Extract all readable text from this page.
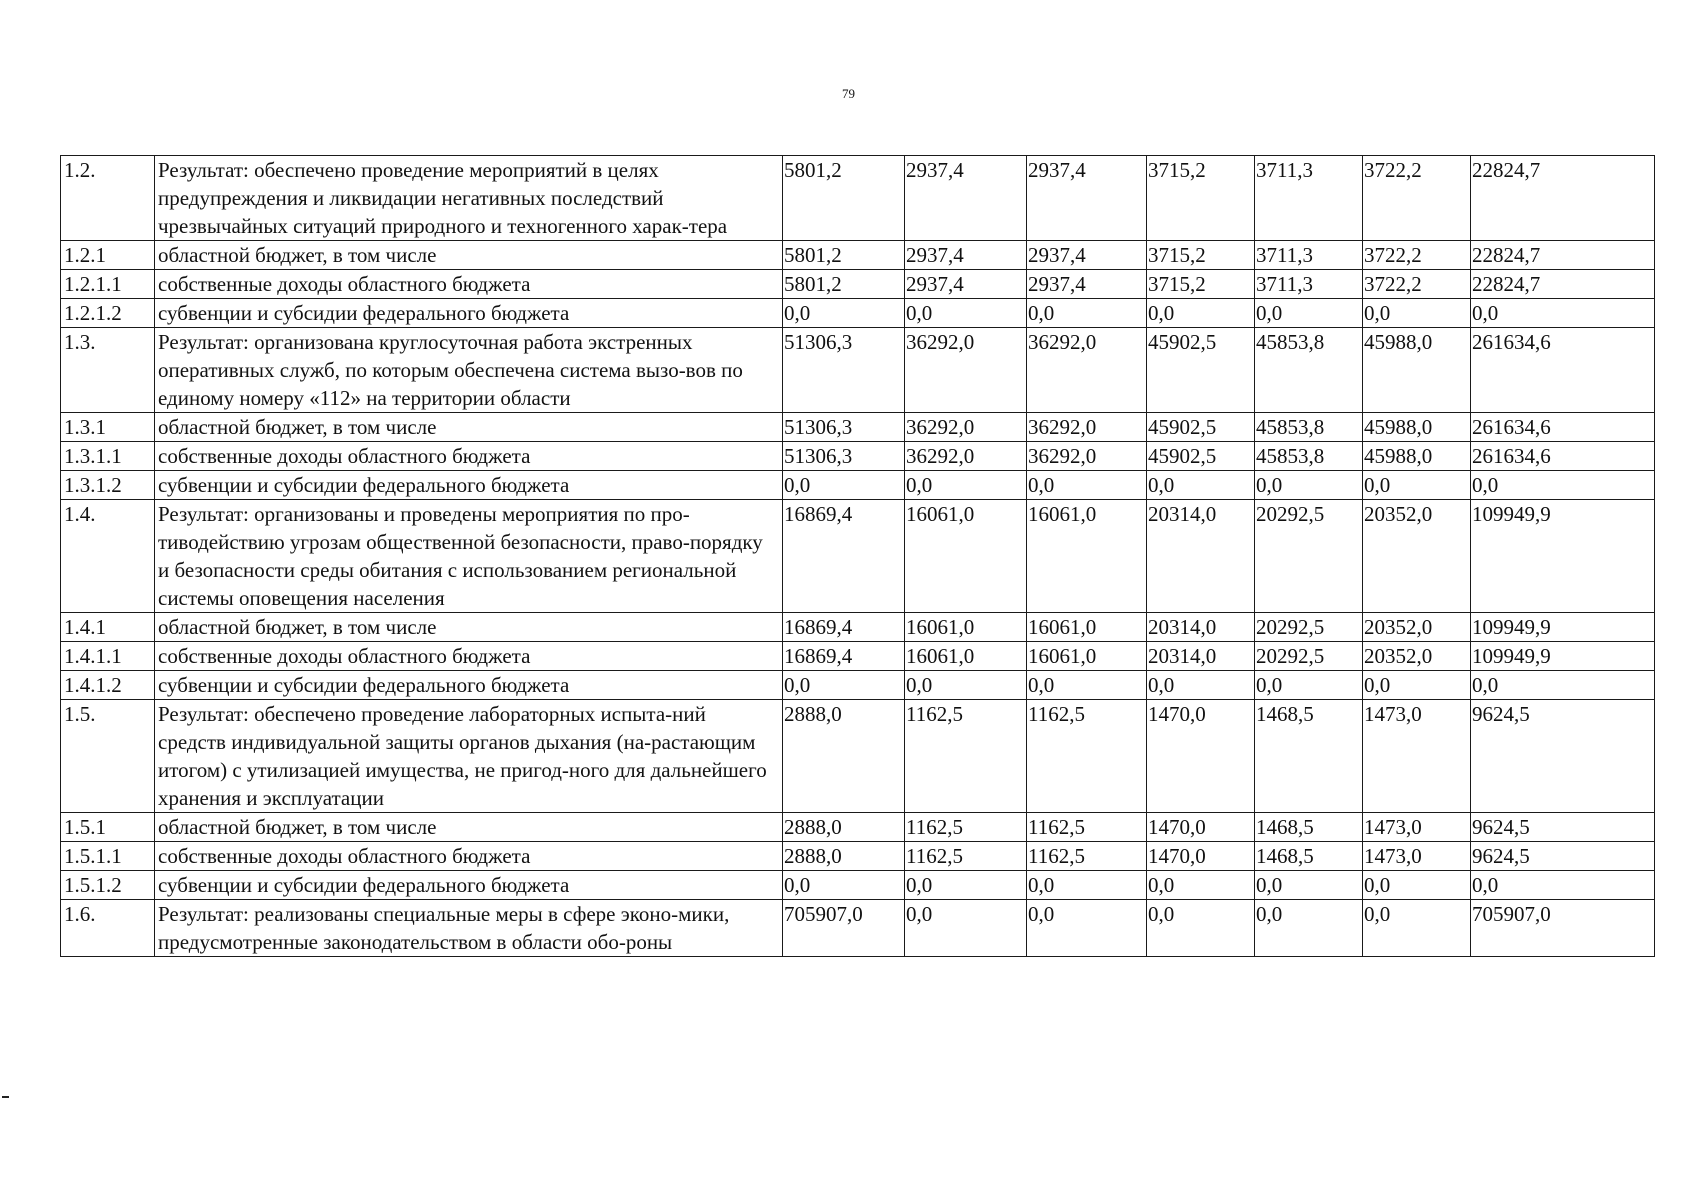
79
1.2.	Результат: обеспечено проведение мероприятий в целях предупреждения и ликвидации негативных последствий чрезвычайных ситуаций природного и техногенного харак-тера	5801,2	2937,4	2937,4	3715,2	3711,3	3722,2	22824,7
1.2.1	областной бюджет, в том числе	5801,2	2937,4	2937,4	3715,2	3711,3	3722,2	22824,7
1.2.1.1	собственные доходы областного бюджета	5801,2	2937,4	2937,4	3715,2	3711,3	3722,2	22824,7
1.2.1.2	субвенции и субсидии федерального бюджета	0,0	0,0	0,0	0,0	0,0	0,0	0,0
1.3.	Результат: организована круглосуточная работа экстренных оперативных служб, по которым обеспечена система вызо-вов по единому номеру «112» на территории области	51306,3	36292,0	36292,0	45902,5	45853,8	45988,0	261634,6
1.3.1	областной бюджет, в том числе	51306,3	36292,0	36292,0	45902,5	45853,8	45988,0	261634,6
1.3.1.1	собственные доходы областного бюджета	51306,3	36292,0	36292,0	45902,5	45853,8	45988,0	261634,6
1.3.1.2	субвенции и субсидии федерального бюджета	0,0	0,0	0,0	0,0	0,0	0,0	0,0
1.4.	Результат: организованы и проведены мероприятия по про-тиводействию угрозам общественной безопасности, право-порядку и безопасности среды обитания с использованием региональной системы оповещения населения	16869,4	16061,0	16061,0	20314,0	20292,5	20352,0	109949,9
1.4.1	областной бюджет, в том числе	16869,4	16061,0	16061,0	20314,0	20292,5	20352,0	109949,9
1.4.1.1	собственные доходы областного бюджета	16869,4	16061,0	16061,0	20314,0	20292,5	20352,0	109949,9
1.4.1.2	субвенции и субсидии федерального бюджета	0,0	0,0	0,0	0,0	0,0	0,0	0,0
1.5.	Результат: обеспечено проведение лабораторных испыта-ний средств индивидуальной защиты органов дыхания (на-растающим итогом) с утилизацией имущества, не пригод-ного для дальнейшего хранения и эксплуатации	2888,0	1162,5	1162,5	1470,0	1468,5	1473,0	9624,5
1.5.1	областной бюджет, в том числе	2888,0	1162,5	1162,5	1470,0	1468,5	1473,0	9624,5
1.5.1.1	собственные доходы областного бюджета	2888,0	1162,5	1162,5	1470,0	1468,5	1473,0	9624,5
1.5.1.2	субвенции и субсидии федерального бюджета	0,0	0,0	0,0	0,0	0,0	0,0	0,0
1.6.	Результат: реализованы специальные меры в сфере эконо-мики, предусмотренные законодательством в области обо-роны	705907,0	0,0	0,0	0,0	0,0	0,0	705907,0
